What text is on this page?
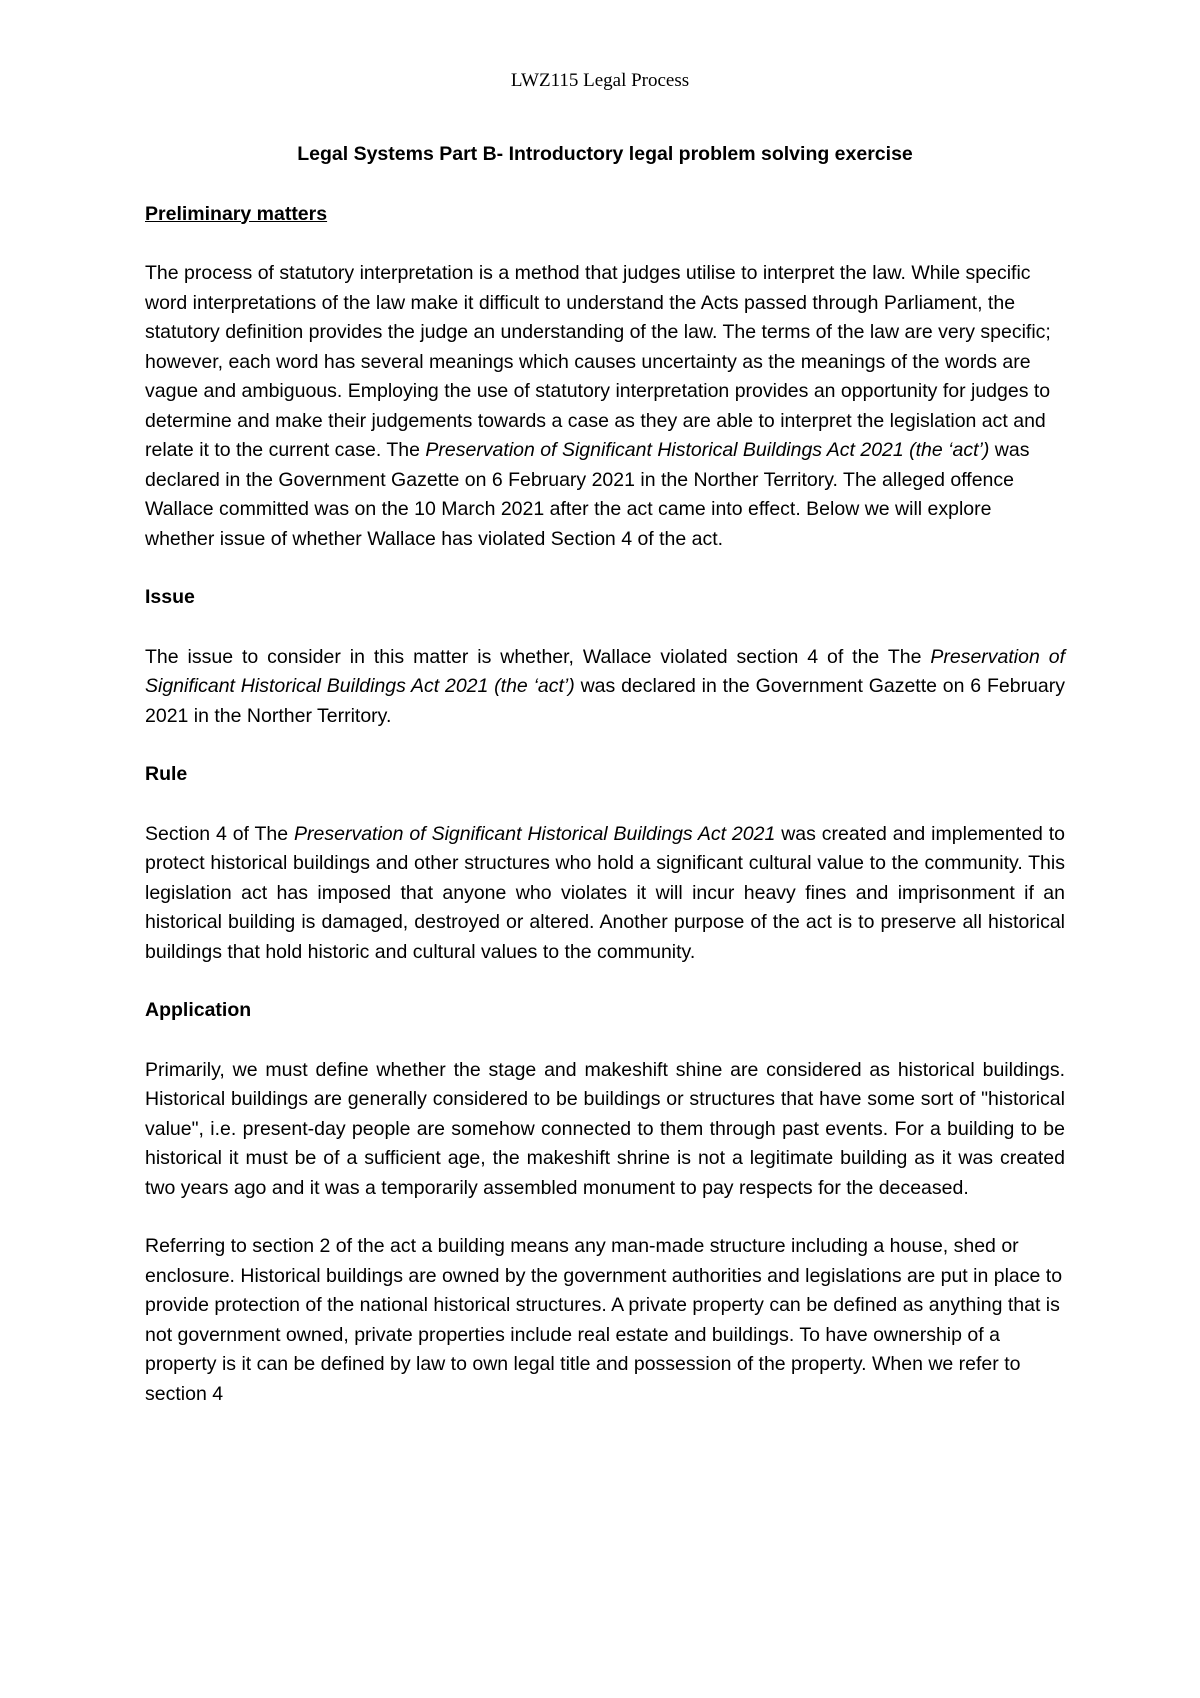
LWZ115 Legal Process
Legal Systems Part B- Introductory legal problem solving exercise
Preliminary matters

The process of statutory interpretation is a method that judges utilise to interpret the law. While specific word interpretations of the law make it difficult to understand the Acts passed through Parliament, the statutory definition provides the judge an understanding of the law. The terms of the law are very specific; however, each word has several meanings which causes uncertainty as the meanings of the words are vague and ambiguous. Employing the use of statutory interpretation provides an opportunity for judges to determine and make their judgements towards a case as they are able to interpret the legislation act and relate it to the current case. The Preservation of Significant Historical Buildings Act 2021 (the ‘act’) was declared in the Government Gazette on 6 February 2021 in the Norther Territory. The alleged offence Wallace committed was on the 10 March 2021 after the act came into effect. Below we will explore whether issue of whether Wallace has violated Section 4 of the act.

Issue

The issue to consider in this matter is whether, Wallace violated section 4 of the The Preservation of Significant Historical Buildings Act 2021 (the ‘act’) was declared in the Government Gazette on 6 February 2021 in the Norther Territory.

Rule

Section 4 of The Preservation of Significant Historical Buildings Act 2021 was created and implemented to protect historical buildings and other structures who hold a significant cultural value to the community. This legislation act has imposed that anyone who violates it will incur heavy fines and imprisonment if an historical building is damaged, destroyed or altered. Another purpose of the act is to preserve all historical buildings that hold historic and cultural values to the community.

Application

Primarily, we must define whether the stage and makeshift shine are considered as historical buildings. Historical buildings are generally considered to be buildings or structures that have some sort of "historical value", i.e. present-day people are somehow connected to them through past events. For a building to be historical it must be of a sufficient age, the makeshift shrine is not a legitimate building as it was created two years ago and it was a temporarily assembled monument to pay respects for the deceased.

Referring to section 2 of the act a building means any man-made structure including a house, shed or enclosure. Historical buildings are owned by the government authorities and legislations are put in place to provide protection of the national historical structures. A private property can be defined as anything that is not government owned, private properties include real estate and buildings. To have ownership of a property is it can be defined by law to own legal title and possession of the property. When we refer to section 4
